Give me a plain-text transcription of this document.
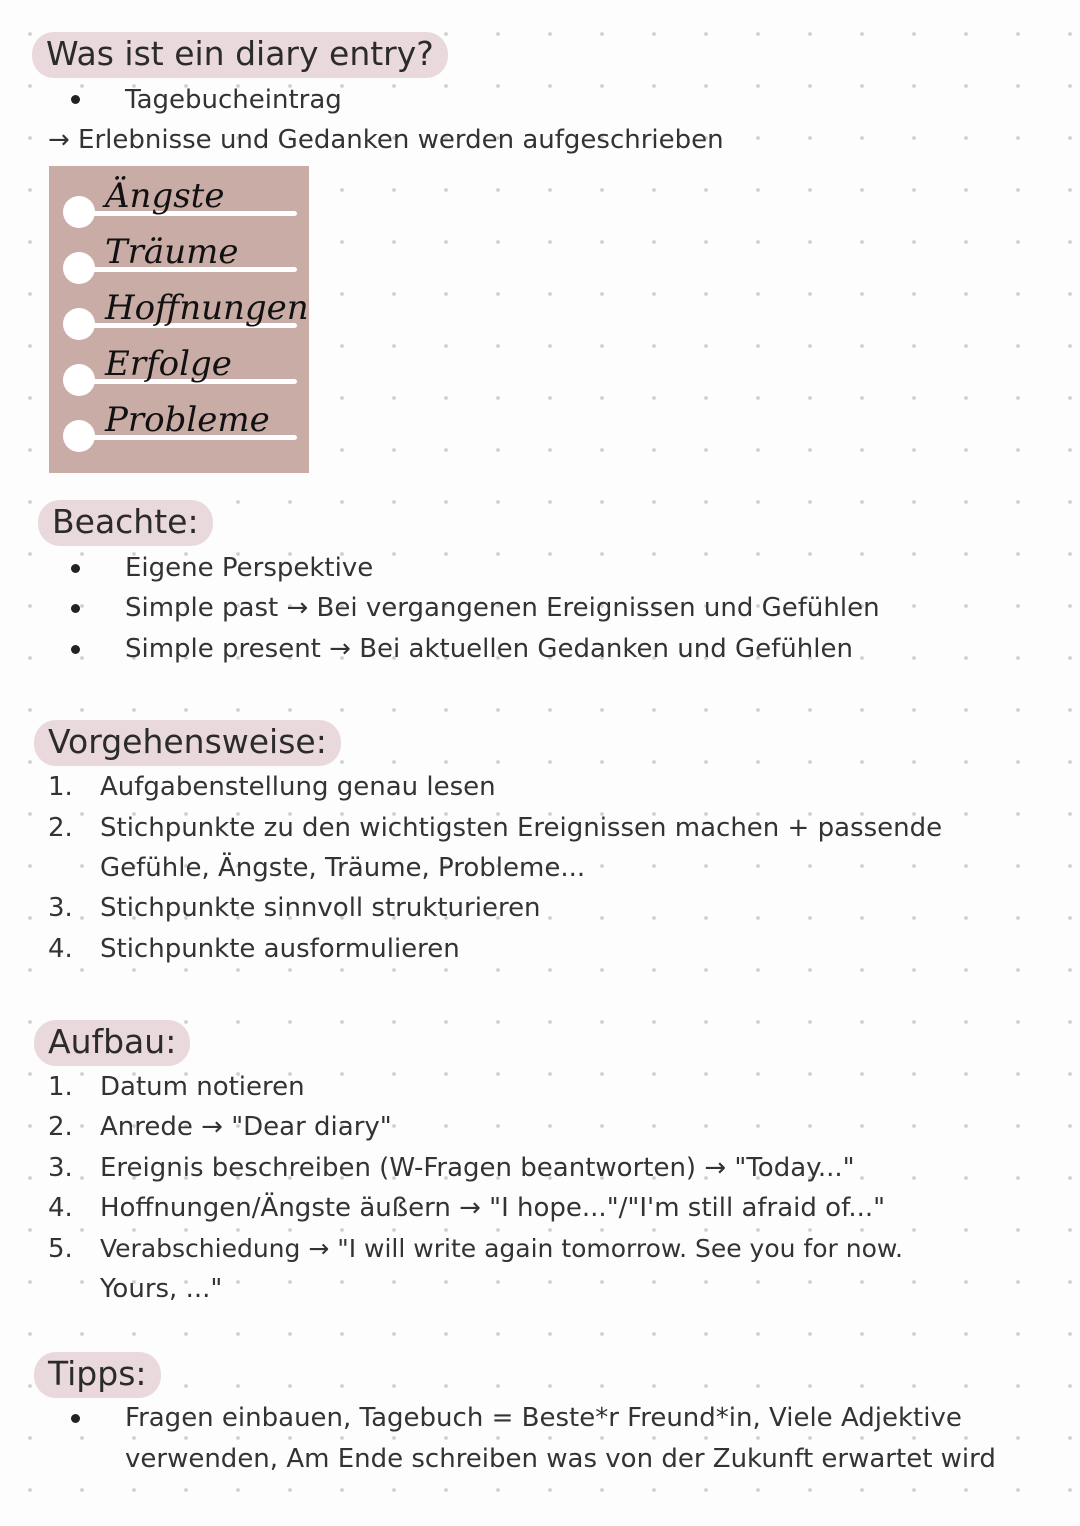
Was ist ein diary entry?
Tagebucheintrag
→ Erlebnisse und Gedanken werden aufgeschrieben
Ängste
Träume
Hoffnungen
Erfolge
Probleme
Beachte:
Eigene Perspektive
Simple past → Bei vergangenen Ereignissen und Gefühlen
Simple present → Bei aktuellen Gedanken und Gefühlen
Vorgehensweise:
1. Aufgabenstellung genau lesen
2. Stichpunkte zu den wichtigsten Ereignissen machen + passende
Gefühle, Ängste, Träume, Probleme...
3. Stichpunkte sinnvoll strukturieren
4. Stichpunkte ausformulieren
Aufbau:
1. Datum notieren
2. Anrede → "Dear diary"
3. Ereignis beschreiben (W-Fragen beantworten) → "Today..."
4. Hoffnungen/Ängste äußern → "I hope..."/"I'm still afraid of..."
5. Verabschiedung → "I will write again tomorrow. See you for now.
Yours, ..."
Tipps:
Fragen einbauen, Tagebuch = Beste*r Freund*in, Viele Adjektive
verwenden, Am Ende schreiben was von der Zukunft erwartet wird
